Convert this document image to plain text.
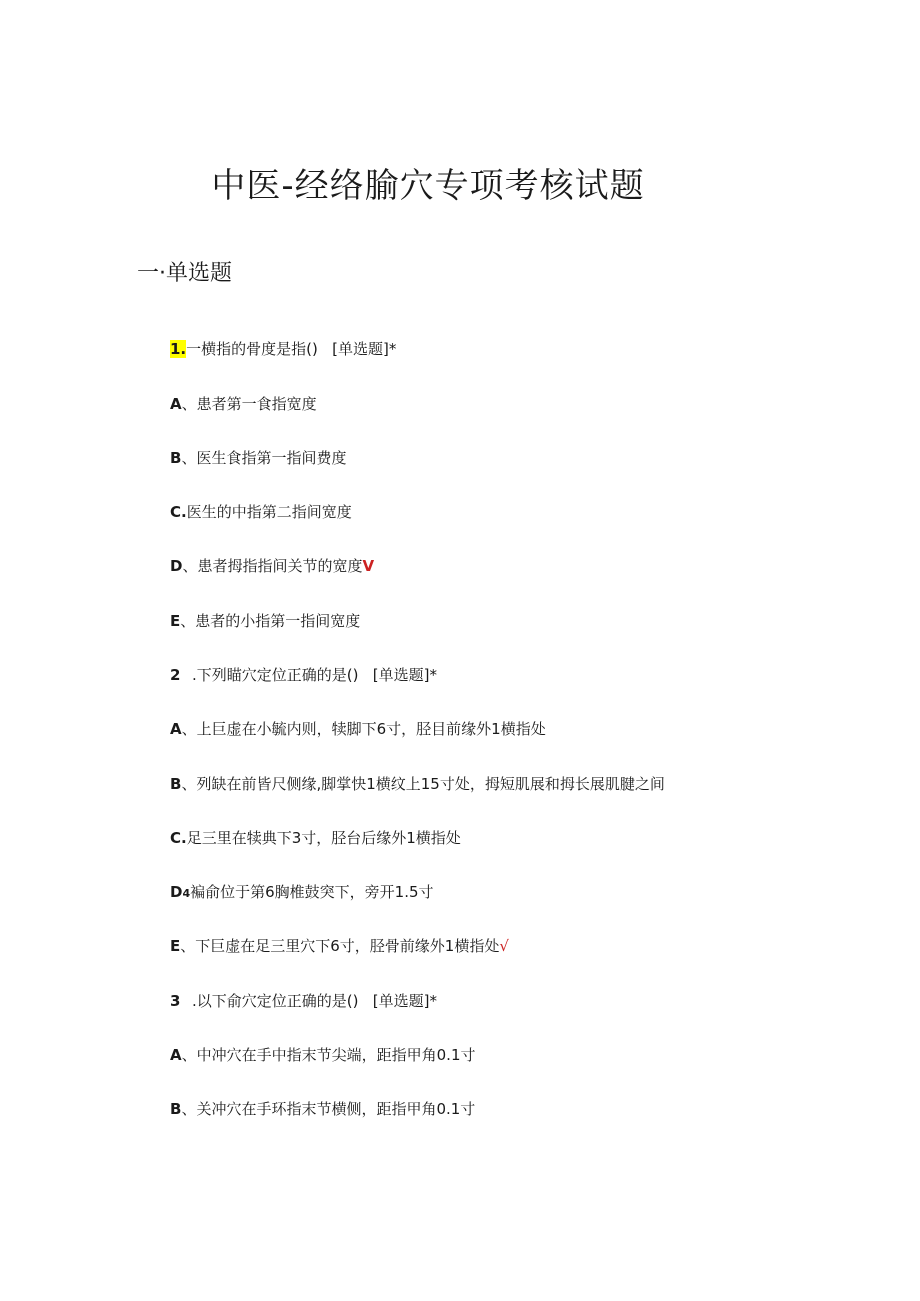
中医-经络腧穴专项考核试题
一·单选题

1.一横指的骨度是指() [单选题]*

A、患者第一食指宽度

B、医生食指第一指间费度

C.医生的中指第二指间宽度

D、患者拇指指间关节的宽度V

E、患者的小指第一指间宽度

2 .下列瞄穴定位正确的是() [单选题]*

A、上巨虚在小毓内则，犊脚下6寸，胫目前缘外1横指处

B、列缺在前皆尺侧缘,脚掌快1横纹上15寸处，拇短肌展和拇长展肌腱之间

C.足三里在犊典下3寸，胫台后缘外1横指处

D4褊俞位于第6胸椎鼓突下，旁开1.5寸

E、下巨虚在足三里穴下6寸，胫骨前缘外1横指处√

3 .以下俞穴定位正确的是() [单选题]*

A、中冲穴在手中指末节尖端，距指甲角0.1寸

B、关冲穴在手环指末节横侧，距指甲角0.1寸
